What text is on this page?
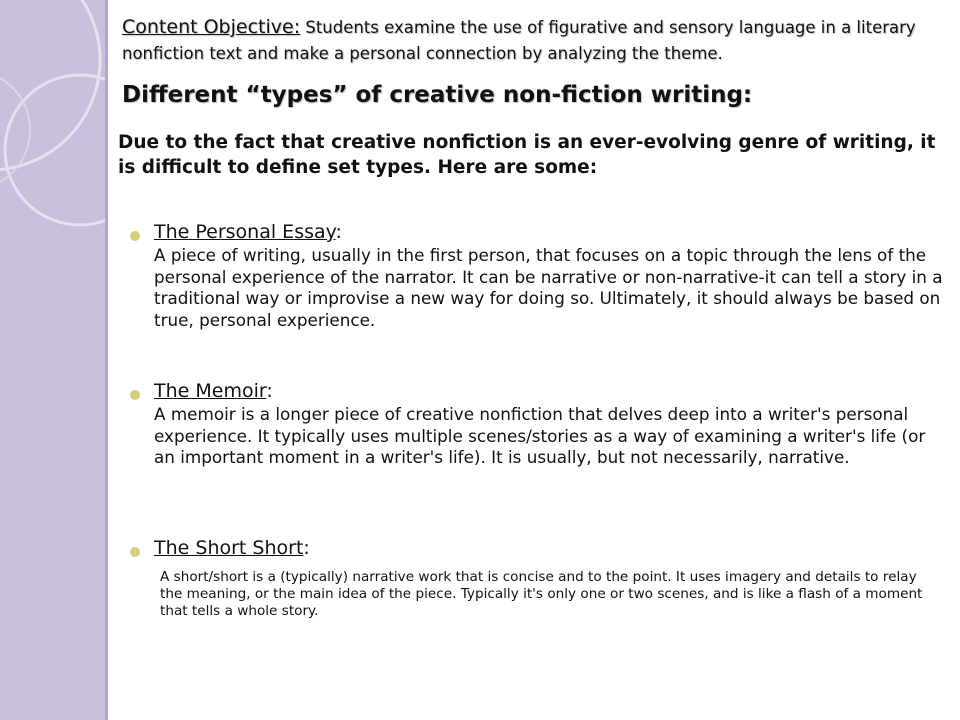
Content Objective: Students examine the use of figurative and sensory language in a literary nonfiction text and make a personal connection by analyzing the theme.
Different “types” of creative non-fiction writing:
Due to the fact that creative nonfiction is an ever-evolving genre of writing, it is difficult to define set types. Here are some:
The Personal Essay:
A piece of writing, usually in the first person, that focuses on a topic through the lens of the personal experience of the narrator. It can be narrative or non-narrative-it can tell a story in a traditional way or improvise a new way for doing so. Ultimately, it should always be based on true, personal experience.
The Memoir:
A memoir is a longer piece of creative nonfiction that delves deep into a writer's personal experience. It typically uses multiple scenes/stories as a way of examining a writer's life (or an important moment in a writer's life). It is usually, but not necessarily, narrative.
The Short Short:
A short/short is a (typically) narrative work that is concise and to the point. It uses imagery and details to relay the meaning, or the main idea of the piece. Typically it's only one or two scenes, and is like a flash of a moment that tells a whole story.
